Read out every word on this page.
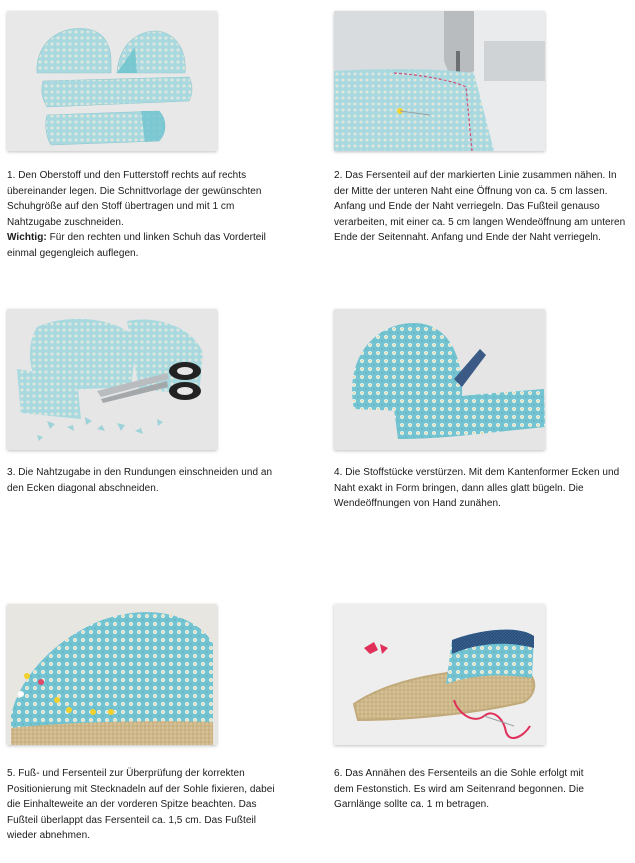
1. Den Oberstoff und den Futterstoff rechts auf rechts übereinander legen. Die Schnittvorlage der gewünschten Schuhgröße auf den Stoff übertragen und mit 1 cm Nahtzugabe zuschneiden.
Wichtig: Für den rechten und linken Schuh das Vorderteil einmal gegengleich auflegen.

2. Das Fersenteil auf der markierten Linie zusammen nähen. In der Mitte der unteren Naht eine Öffnung von ca. 5 cm lassen. Anfang und Ende der Naht verriegeln. Das Fußteil genauso verarbeiten, mit einer ca. 5 cm langen Wendeöffnung am unteren Ende der Seitennaht. Anfang und Ende der Naht verriegeln.

3. Die Nahtzugabe in den Rundungen einschneiden und an den Ecken diagonal abschneiden.

4. Die Stoffstücke verstürzen. Mit dem Kantenformer Ecken und Naht exakt in Form bringen, dann alles glatt bügeln. Die Wendeöffnungen von Hand zunähen.

5. Fuß- und Fersenteil zur Überprüfung der korrekten Positionierung mit Stecknadeln auf der Sohle fixieren, dabei die Einhalteweite an der vorderen Spitze beachten. Das Fußteil überlappt das Fersenteil ca. 1,5 cm. Das Fußteil wieder abnehmen.

6. Das Annähen des Fersenteils an die Sohle erfolgt mit dem Festonstich. Es wird am Seitenrand begonnen. Die Garnlänge sollte ca. 1 m betragen.
